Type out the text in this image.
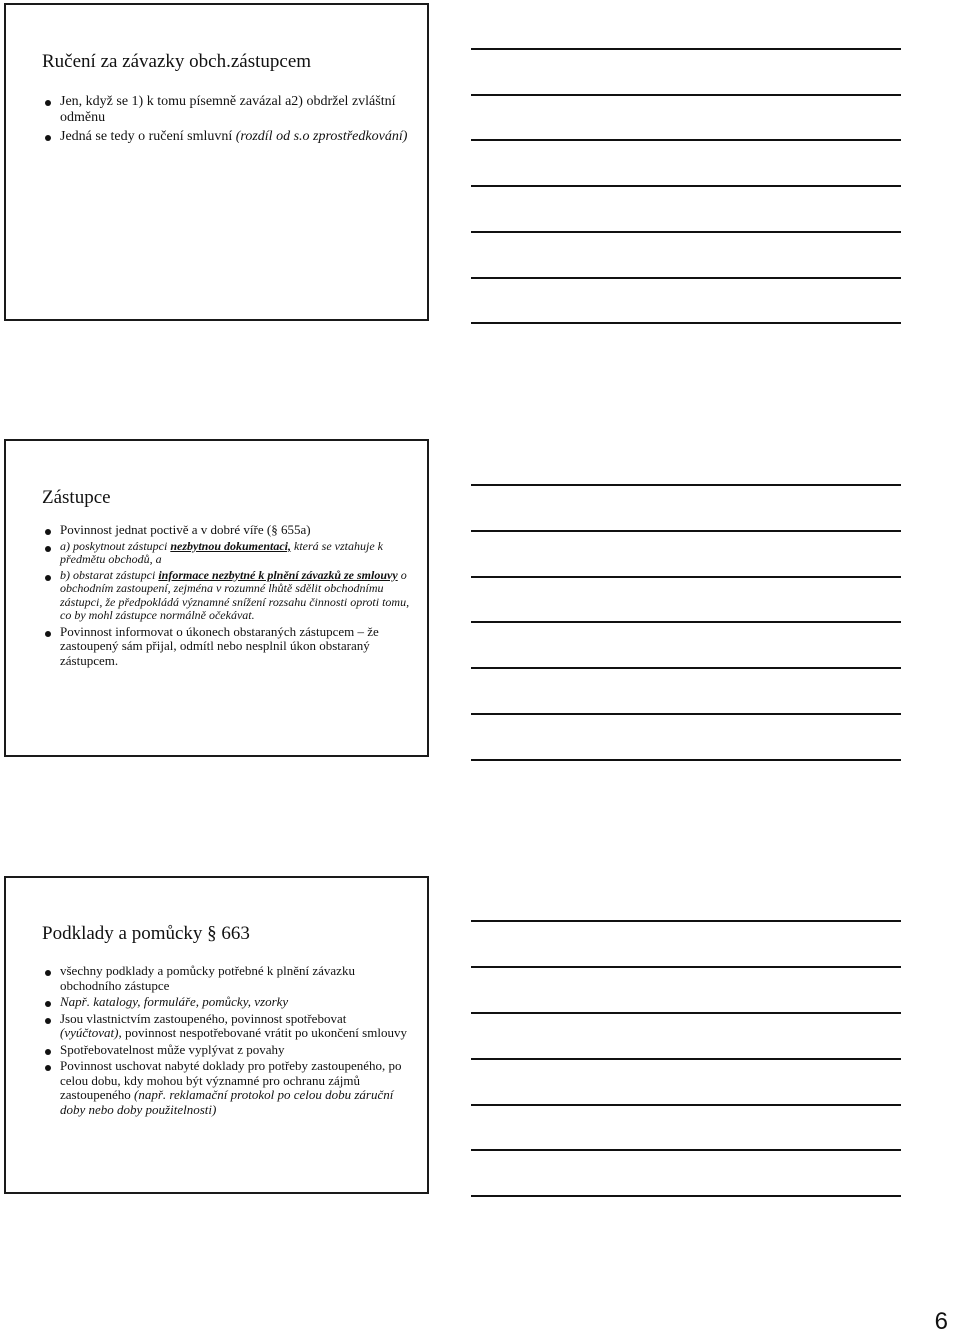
Ručení za závazky obch.zástupcem
Jen, když se 1) k tomu písemně zavázal a2) obdržel zvláštní odměnu
Jedná se tedy o ručení smluvní (rozdíl od s.o zprostředkování)
Zástupce
Povinnost jednat poctivě a v dobré víře (§ 655a)
a) poskytnout zástupci nezbytnou dokumentaci, která se vztahuje k předmětu obchodů, a
b) obstarat zástupci informace nezbytné k plnění závazků ze smlouvy o obchodním zastoupení, zejména v rozumné lhůtě sdělit obchodnímu zástupci, že předpokládá významné snížení rozsahu činnosti oproti tomu, co by mohl zástupce normálně očekávat.
Povinnost informovat o úkonech obstaraných zástupcem – že zastoupený sám přijal, odmítl nebo nesplnil úkon obstaraný zástupcem.
Podklady a pomůcky § 663
všechny podklady a pomůcky potřebné k plnění závazku obchodního zástupce
Např. katalogy, formuláře, pomůcky, vzorky
Jsou vlastnictvím zastoupeného, povinnost spotřebovat (vyúčtovat), povinnost nespotřebované vrátit po ukončení smlouvy
Spotřebovatelnost může vyplývat z povahy
Povinnost uschovat nabyté doklady pro potřeby zastoupeného, po celou dobu, kdy mohou být významné pro ochranu zájmů zastoupeného (např. reklamační protokol po celou dobu záruční doby nebo doby použitelnosti)
6
